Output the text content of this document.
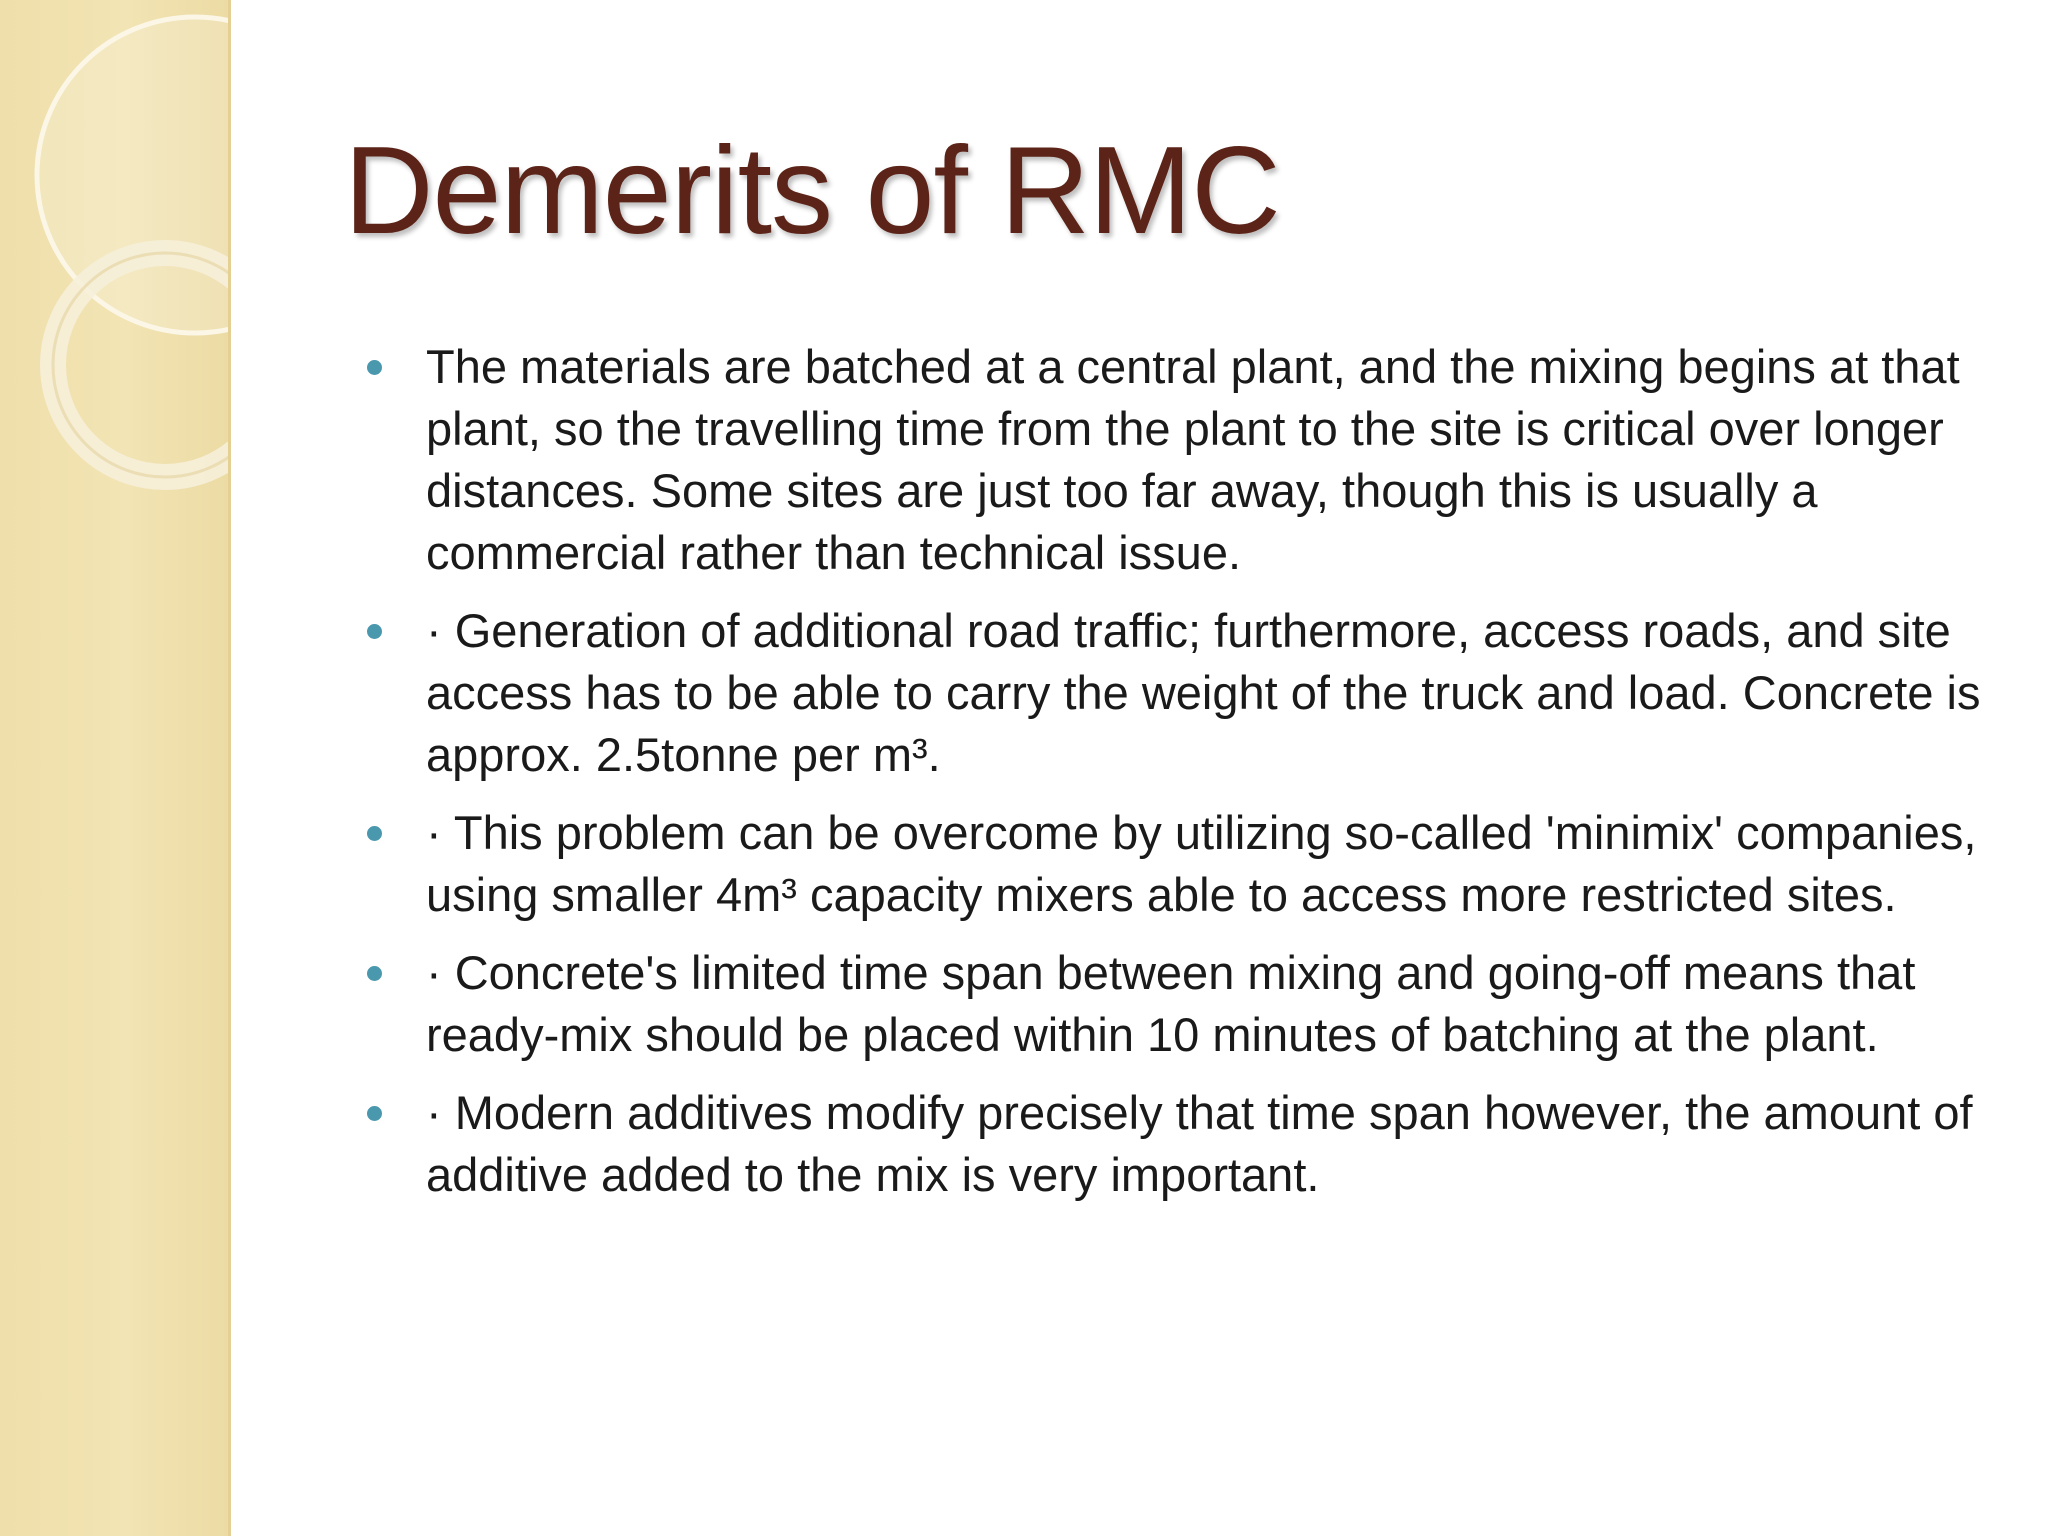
Demerits of RMC
The materials are batched at a central plant, and the mixing begins at that plant, so the travelling time from the plant to the site is critical over longer distances. Some sites are just too far away, though this is usually a commercial rather than technical issue.
· Generation of additional road traffic; furthermore, access roads, and site access has to be able to carry the weight of the truck and load. Concrete is approx. 2.5tonne per m³.
· This problem can be overcome by utilizing so-called 'minimix' companies, using smaller 4m³ capacity mixers able to access more restricted sites.
· Concrete's limited time span between mixing and going-off means that ready-mix should be placed within 10 minutes of batching at the plant.
· Modern additives modify precisely that time span however, the amount of additive added to the mix is very important.
